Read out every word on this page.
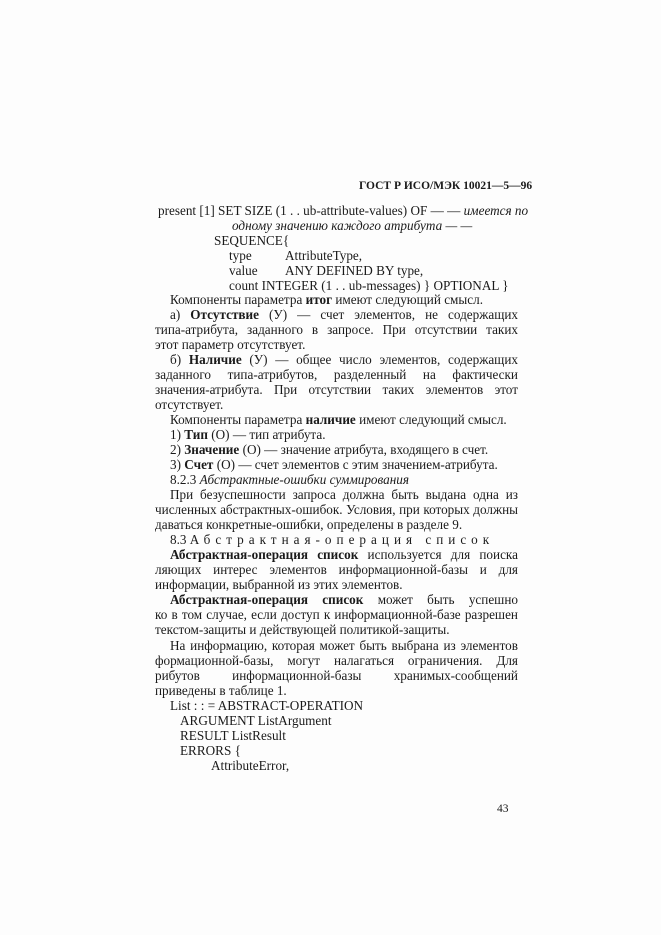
ГОСТ Р ИСО/МЭК 10021—5—96
present [1] SET SIZE (1 . . ub-attribute-values) OF — — имеется по
одному значению каждого атрибута — —
SEQUENCE{
type	AttributeType,
value ANY DEFINED BY type,
count INTEGER (1 . . ub-messages) } OPTIONAL }
Компоненты параметра итог имеют следующий смысл.
а) Отсутствие (У) — счет элементов, не содержащих
типа-атрибута, заданного в запросе. При отсутствии таких
этот параметр отсутствует.
б) Наличие (У) — общее число элементов, содержащих
заданного типа-атрибутов, разделенный на фактически
значения-атрибута. При отсутствии таких элементов этот
отсутствует.
Компоненты параметра наличие имеют следующий смысл.
1) Тип (О) — тип атрибута.
2) Значение (О) — значение атрибута, входящего в счет.
3) Счет (О) — счет элементов с этим значением-атрибута.
8.2.3 Абстрактные-ошибки суммирования
При безуспешности запроса должна быть выдана одна из
численных абстрактных-ошибок. Условия, при которых должны
даваться конкретные-ошибки, определены в разделе 9.
8.3 Абстрактная-операция список
Абстрактная-операция список используется для поиска
ляющих интерес элементов информационной-базы и для
информации, выбранной из этих элементов.
Абстрактная-операция список может быть успешно
ко в том случае, если доступ к информационной-базе разрешен
текстом-защиты и действующей политикой-защиты.
На информацию, которая может быть выбрана из элементов
формационной-базы, могут налагаться ограничения. Для
рибутов информационной-базы хранимых-сообщений
приведены в таблице 1.
List : : = ABSTRACT-OPERATION
ARGUMENT ListArgument
RESULT ListResult
ERRORS {
AttributeError,
43
